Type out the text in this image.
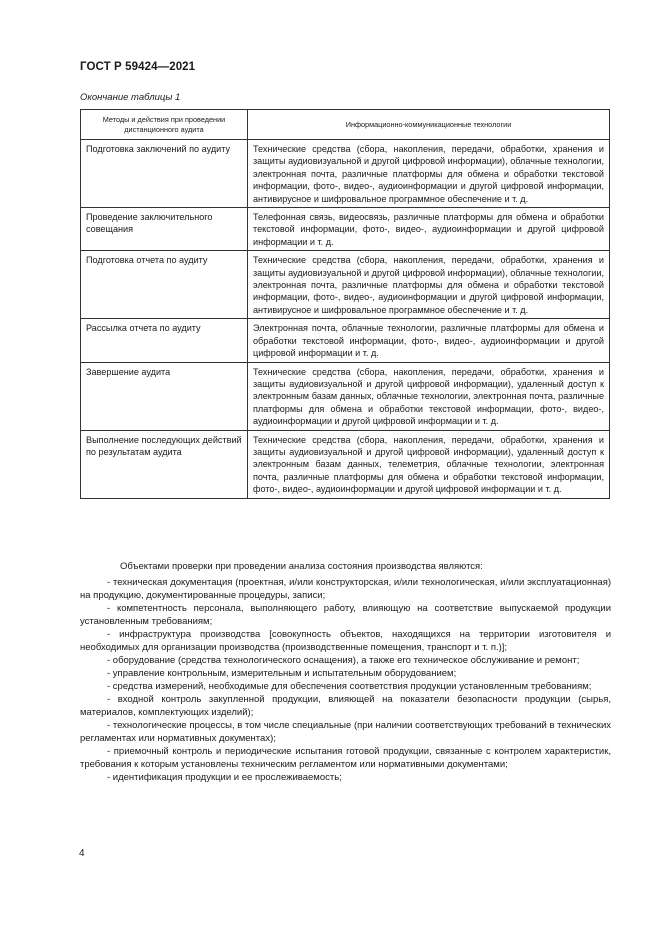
ГОСТ Р 59424—2021
Окончание таблицы 1
Методы и действия при проведении дистанционного аудита	Информационно-коммуникационные технологии
Подготовка заключений по аудиту	Технические средства (сбора, накопления, передачи, обработки, хранения и защиты аудиовизуальной и другой цифровой информации), облачные технологии, электронная почта, различные платформы для обмена и обработки текстовой информации, фото-, видео-, аудиоинформации и другой цифровой информации, антивирусное и шифровальное программное обеспечение и т. д.
Проведение заключительного совещания	Телефонная связь, видеосвязь, различные платформы для обмена и обработки текстовой информации, фото-, видео-, аудиоинформации и другой цифровой информации и т. д.
Подготовка отчета по аудиту	Технические средства (сбора, накопления, передачи, обработки, хранения и защиты аудиовизуальной и другой цифровой информации), облачные технологии, электронная почта, различные платформы для обмена и обработки текстовой информации, фото-, видео-, аудиоинформации и другой цифровой информации, антивирусное и шифровальное программное обеспечение и т. д.
Рассылка отчета по аудиту	Электронная почта, облачные технологии, различные платформы для обмена и обработки текстовой информации, фото-, видео-, аудиоинформации и другой цифровой информации и т. д.
Завершение аудита	Технические средства (сбора, накопления, передачи, обработки, хранения и защиты аудиовизуальной и другой цифровой информации), удаленный доступ к электронным базам данных, облачные технологии, электронная почта, различные платформы для обмена и обработки текстовой информации, фото-, видео-, аудиоинформации и другой цифровой информации и т. д.
Выполнение последующих действий по результатам аудита	Технические средства (сбора, накопления, передачи, обработки, хранения и защиты аудиовизуальной и другой цифровой информации), удаленный доступ к электронным базам данных, телеметрия, облачные технологии, электронная почта, различные платформы для обмена и обработки текстовой информации, фото-, видео-, аудиоинформации и другой цифровой информации и т. д.

Объектами проверки при проведении анализа состояния производства являются:

- техническая документация (проектная, и/или конструкторская, и/или технологическая, и/или эксплуатационная) на продукцию, документированные процедуры, записи;

- компетентность персонала, выполняющего работу, влияющую на соответствие выпускаемой продукции установленным требованиям;

- инфраструктура производства [совокупность объектов, находящихся на территории изготовителя и необходимых для организации производства (производственные помещения, транспорт и т. п.)];

- оборудование (средства технологического оснащения), а также его техническое обслуживание и ремонт;

- управление контрольным, измерительным и испытательным оборудованием;

- средства измерений, необходимые для обеспечения соответствия продукции установленным требованиям;

- входной контроль закупленной продукции, влияющей на показатели безопасности продукции (сырья, материалов, комплектующих изделий);

- технологические процессы, в том числе специальные (при наличии соответствующих требований в технических регламентах или нормативных документах);

- приемочный контроль и периодические испытания готовой продукции, связанные с контролем характеристик, требования к которым установлены техническим регламентом или нормативными документами;

- идентификация продукции и ее прослеживаемость;

4
